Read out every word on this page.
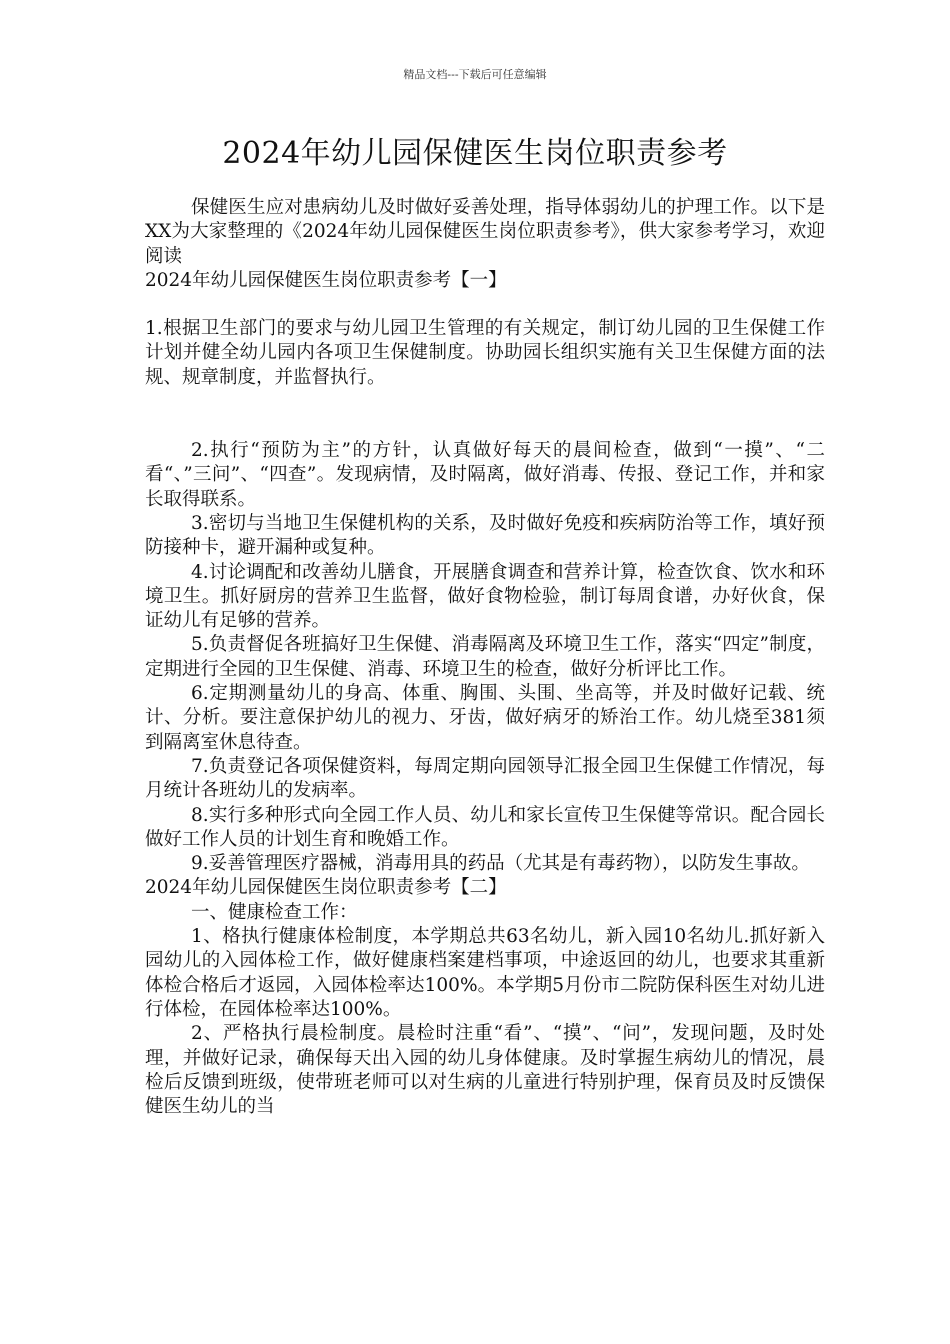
精品文档---下载后可任意编辑
2024年幼儿园保健医生岗位职责参考

保健医生应对患病幼儿及时做好妥善处理，指导体弱幼儿的护理工作。以下是XX为大家整理的《2024年幼儿园保健医生岗位职责参考》，供大家参考学习，欢迎阅读

2024年幼儿园保健医生岗位职责参考【一】

1.根据卫生部门的要求与幼儿园卫生管理的有关规定，制订幼儿园的卫生保健工作计划并健全幼儿园内各项卫生保健制度。协助园长组织实施有关卫生保健方面的法规、规章制度，并监督执行。

2.执行“预防为主”的方针，认真做好每天的晨间检查，做到“一摸”、“二看“、”三问”、“四查”。发现病情，及时隔离，做好消毒、传报、登记工作，并和家长取得联系。

3.密切与当地卫生保健机构的关系，及时做好免疫和疾病防治等工作，填好预防接种卡，避开漏种或复种。

4.讨论调配和改善幼儿膳食，开展膳食调查和营养计算，检查饮食、饮水和环境卫生。抓好厨房的营养卫生监督，做好食物检验，制订每周食谱，办好伙食，保证幼儿有足够的营养。

5.负责督促各班搞好卫生保健、消毒隔离及环境卫生工作，落实“四定”制度，定期进行全园的卫生保健、消毒、环境卫生的检查，做好分析评比工作。

6.定期测量幼儿的身高、体重、胸围、头围、坐高等，并及时做好记载、统计、分析。要注意保护幼儿的视力、牙齿，做好病牙的矫治工作。幼儿烧至381须到隔离室休息待查。

7.负责登记各项保健资料，每周定期向园领导汇报全园卫生保健工作情况，每月统计各班幼儿的发病率。

8.实行多种形式向全园工作人员、幼儿和家长宣传卫生保健等常识。配合园长做好工作人员的计划生育和晚婚工作。

9.妥善管理医疗器械，消毒用具的药品（尤其是有毒药物），以防发生事故。

2024年幼儿园保健医生岗位职责参考【二】

一、健康检查工作：

1、格执行健康体检制度，本学期总共63名幼儿，新入园10名幼儿.抓好新入园幼儿的入园体检工作，做好健康档案建档事项，中途返回的幼儿，也要求其重新体检合格后才返园，入园体检率达100%。本学期5月份市二院防保科医生对幼儿进行体检，在园体检率达100%。

2、严格执行晨检制度。晨检时注重“看”、“摸”、“问”，发现问题，及时处理，并做好记录，确保每天出入园的幼儿身体健康。及时掌握生病幼儿的情况，晨检后反馈到班级，使带班老师可以对生病的儿童进行特别护理，保育员及时反馈保健医生幼儿的当
